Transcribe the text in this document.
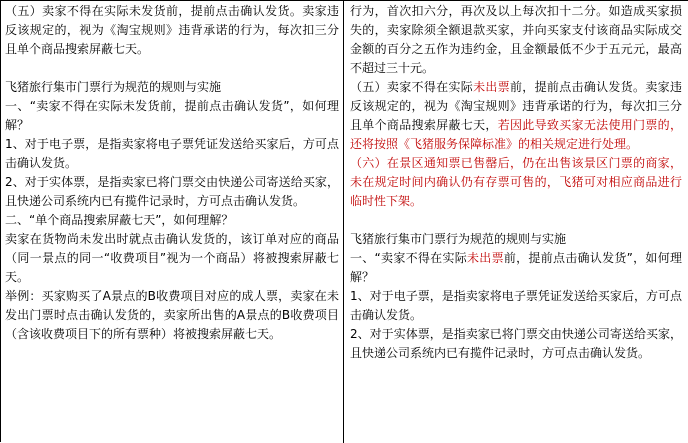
（五）卖家不得在实际未发货前，提前点击确认发货。卖家违反该规定的，视为《淘宝规则》违背承诺的行为，每次扣三分且单个商品搜索屏蔽七天。

飞猪旅行集市门票行为规范的规则与实施

一、“卖家不得在实际未发货前，提前点击确认发货”，如何理解？

1、对于电子票，是指卖家将电子票凭证发送给买家后，方可点击确认发货。

2、对于实体票，是指卖家已将门票交由快递公司寄送给买家，且快递公司系统内已有揽件记录时，方可点击确认发货。

二、“单个商品搜索屏蔽七天”，如何理解？

卖家在货物尚未发出时就点击确认发货的，该订单对应的商品（同一景点的同一“收费项目”视为一个商品）将被搜索屏蔽七天。

举例：买家购买了A景点的B收费项目对应的成人票，卖家在未发出门票时点击确认发货的，卖家所出售的A景点的B收费项目（含该收费项目下的所有票种）将被搜索屏蔽七天。

行为，首次扣六分，再次及以上每次扣十二分。如造成买家损失的，卖家除须全额退款买家，并向买家支付该商品实际成交金额的百分之五作为违约金，且金额最低不少于五元元，最高不超过三十元。

（五）卖家不得在实际未出票前，提前点击确认发货。卖家违反该规定的，视为《淘宝规则》违背承诺的行为，每次扣三分且单个商品搜索屏蔽七天，若因此导致买家无法使用门票的，还将按照《飞猪服务保障标准》的相关规定进行处理。

（六）在景区通知票已售罄后，仍在出售该景区门票的商家，未在规定时间内确认仍有存票可售的，飞猪可对相应商品进行临时性下架。

飞猪旅行集市门票行为规范的规则与实施

一、“卖家不得在实际未出票前，提前点击确认发货”，如何理解？

1、对于电子票，是指卖家将电子票凭证发送给买家后，方可点击确认发货。

2、对于实体票，是指卖家已将门票交由快递公司寄送给买家，且快递公司系统内已有揽件记录时，方可点击确认发货。
